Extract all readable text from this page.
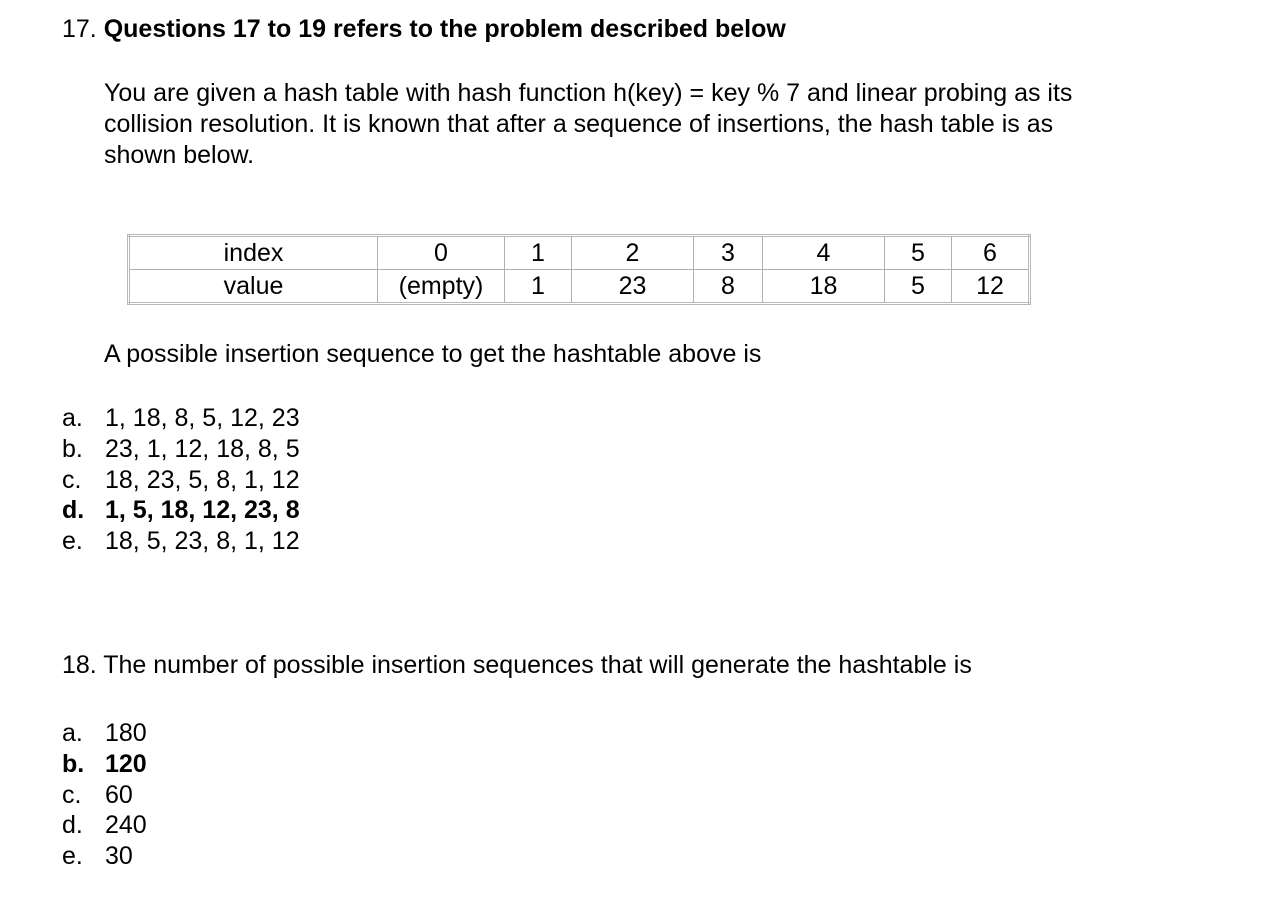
17. Questions 17 to 19 refers to the problem described below
You are given a hash table with hash function h(key) = key % 7 and linear probing as its
collision resolution. It is known that after a sequence of insertions, the hash table is as
shown below.
index	0	1	2	3	4	5	6
value	(empty)	1	23	8	18	5	12
A possible insertion sequence to get the hashtable above is
a. 1, 18, 8, 5, 12, 23
b. 23, 1, 12, 18, 8, 5
c. 18, 23, 5, 8, 1, 12
d. 1, 5, 18, 12, 23, 8
e. 18, 5, 23, 8, 1, 12
18. The number of possible insertion sequences that will generate the hashtable is
a. 180
b. 120
c. 60
d. 240
e. 30
